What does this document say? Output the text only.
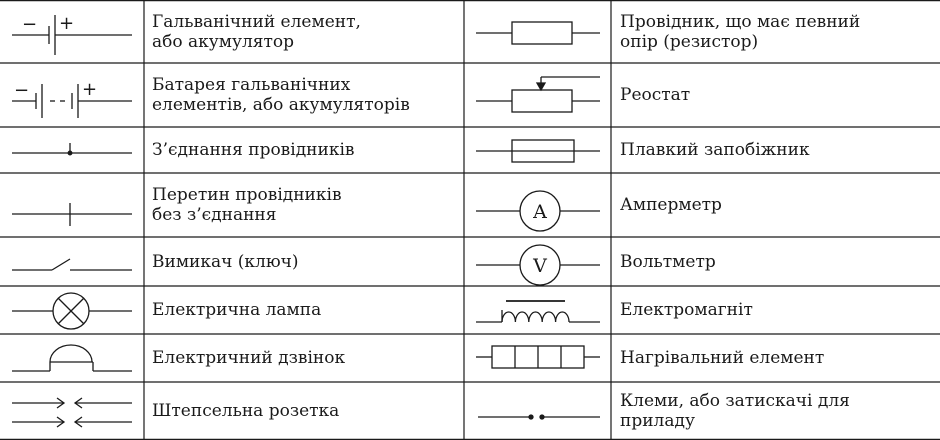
− +
−	+
A
V
Гальванічний елемент,
або акумулятор
Батарея гальванічних
елементів, або акумуляторів
З’єднання провідників
Перетин провідників
без з’єднання
Вимикач (ключ)
Електрична лампа
Електричний дзвінок
Штепсельна розетка
Провідник, що має певний
опір (резистор)
Реостат
Плавкий запобіжник
Амперметр
Вольтметр
Електромагніт
Нагрівальний елемент
Клеми, або затискачі для
приладу
